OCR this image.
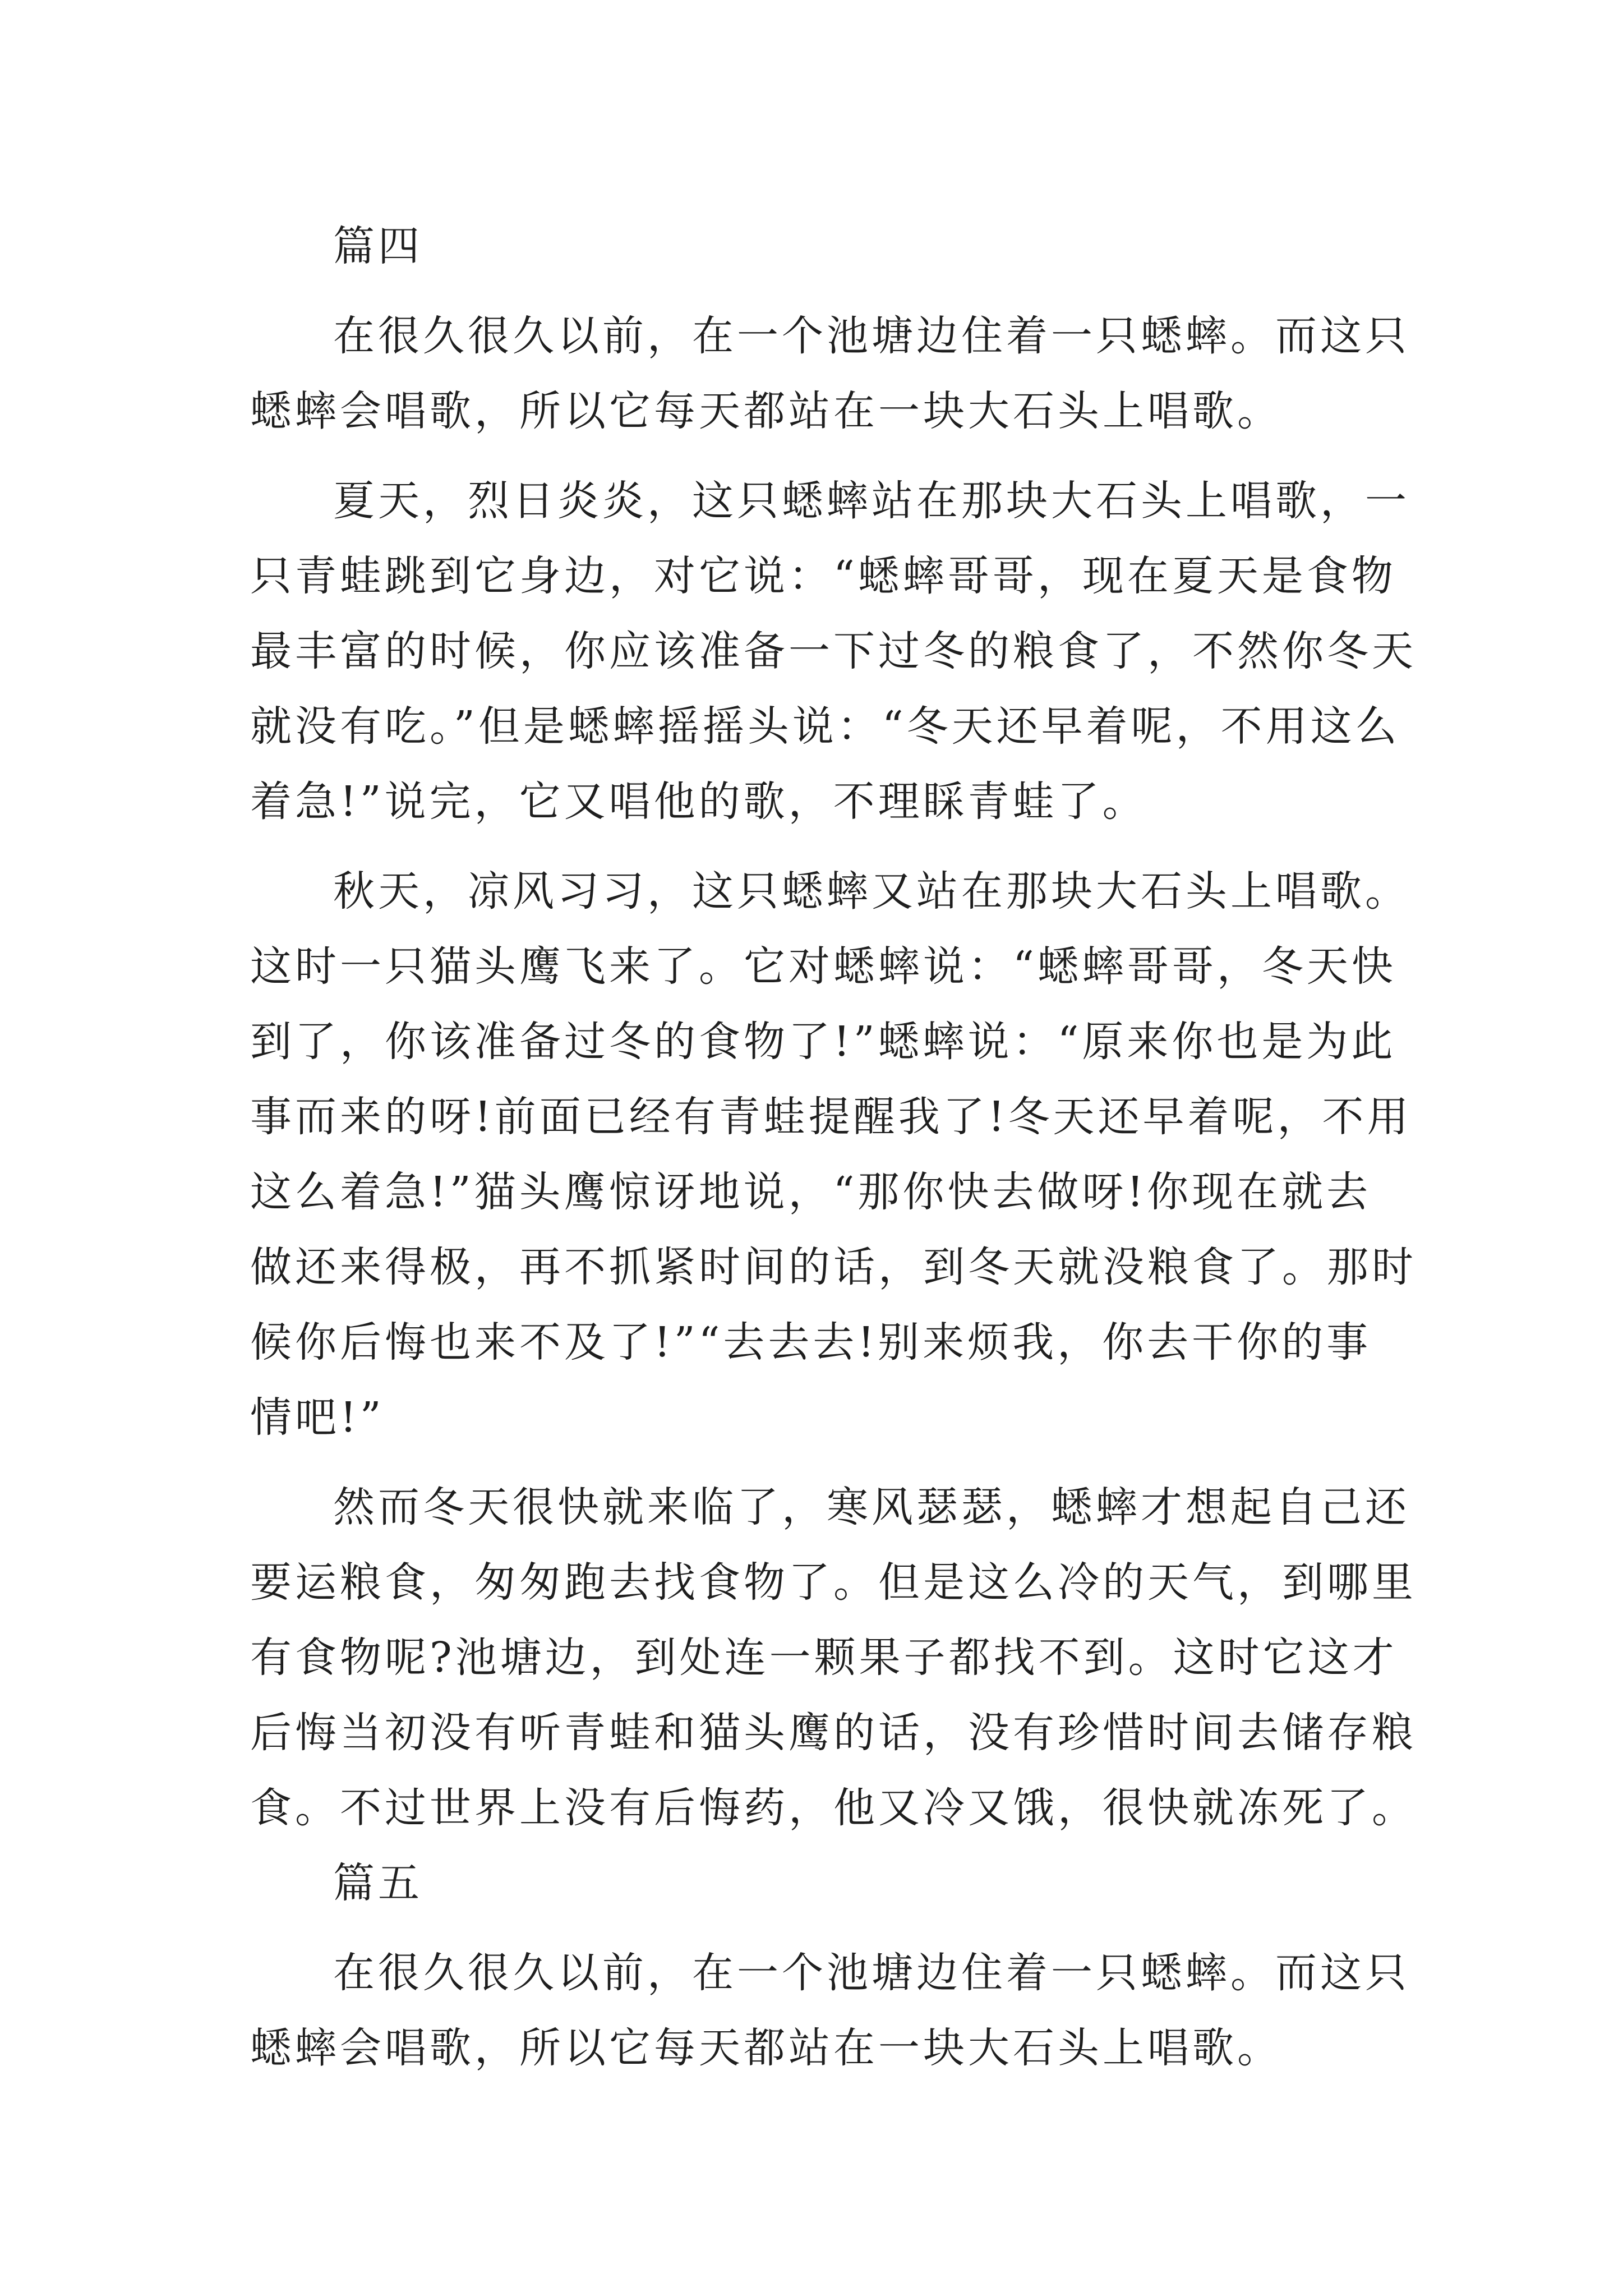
篇四
在很久很久以前，在一个池塘边住着一只蟋蟀。而这只
蟋蟀会唱歌，所以它每天都站在一块大石头上唱歌。
夏天，烈日炎炎，这只蟋蟀站在那块大石头上唱歌，一
只青蛙跳到它身边，对它说：“蟋蟀哥哥，现在夏天是食物
最丰富的时候，你应该准备一下过冬的粮食了，不然你冬天
就没有吃。”但是蟋蟀摇摇头说：“冬天还早着呢，不用这么
着急!”说完，它又唱他的歌，不理睬青蛙了。
秋天，凉风习习，这只蟋蟀又站在那块大石头上唱歌。
这时一只猫头鹰飞来了。它对蟋蟀说：“蟋蟀哥哥，冬天快
到了，你该准备过冬的食物了!”蟋蟀说：“原来你也是为此
事而来的呀!前面已经有青蛙提醒我了!冬天还早着呢，不用
这么着急!”猫头鹰惊讶地说，“那你快去做呀!你现在就去
做还来得极，再不抓紧时间的话，到冬天就没粮食了。那时
候你后悔也来不及了!”“去去去!别来烦我，你去干你的事
情吧!”
然而冬天很快就来临了，寒风瑟瑟，蟋蟀才想起自己还
要运粮食，匆匆跑去找食物了。但是这么冷的天气，到哪里
有食物呢?池塘边，到处连一颗果子都找不到。这时它这才
后悔当初没有听青蛙和猫头鹰的话，没有珍惜时间去储存粮
食。不过世界上没有后悔药，他又冷又饿，很快就冻死了。
篇五
在很久很久以前，在一个池塘边住着一只蟋蟀。而这只
蟋蟀会唱歌，所以它每天都站在一块大石头上唱歌。
